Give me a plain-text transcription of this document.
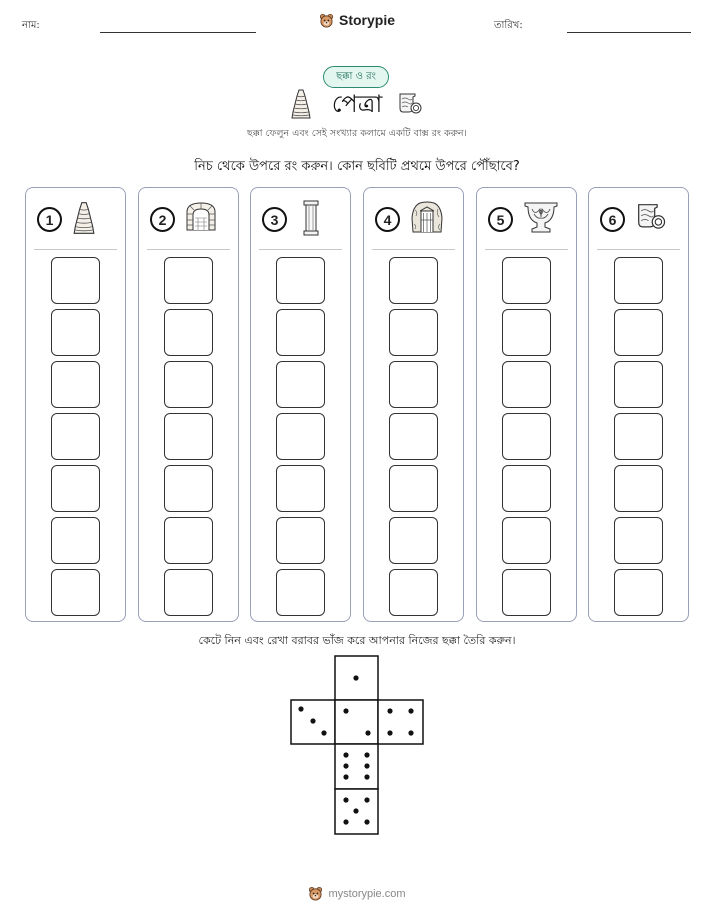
নাম:	Storypie	তারিখ:
ছক্কা ও রং
পেত্রা
ছক্কা ফেলুন এবং সেই সংখ্যার কলামে একটি বাক্স রং করুন।
নিচ থেকে উপরে রং করুন। কোন ছবিটি প্রথমে উপরে পৌঁছাবে?
1	2	3	4	5	6
কেটে নিন এবং রেখা বরাবর ভাঁজ করে আপনার নিজের ছক্কা তৈরি করুন।
mystorypie.com
